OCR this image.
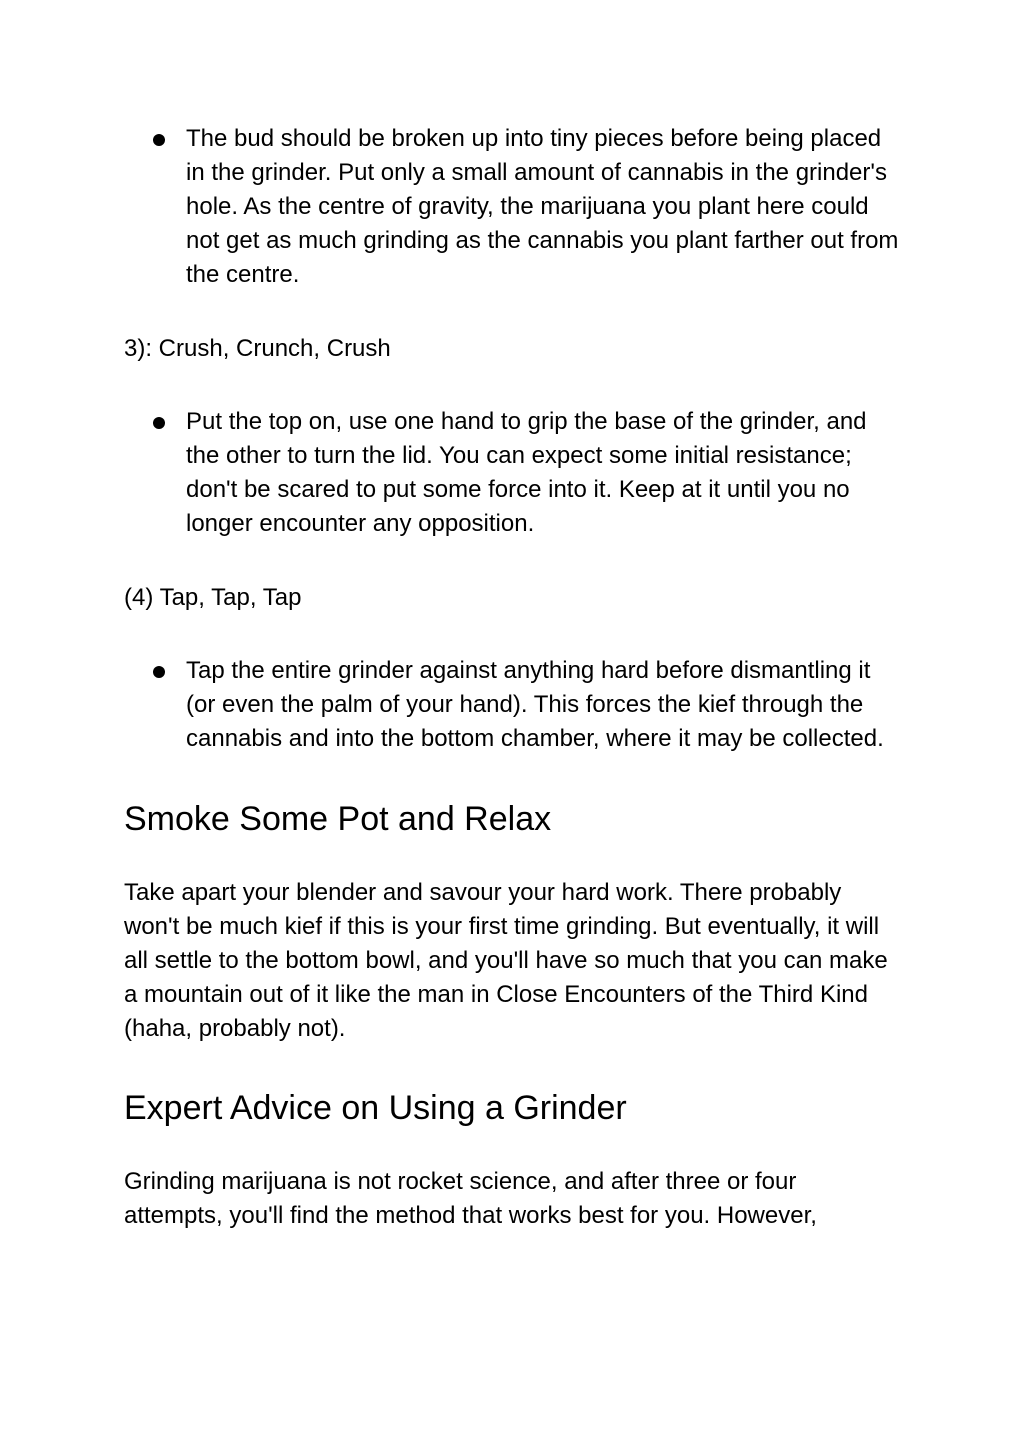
The bud should be broken up into tiny pieces before being placed in the grinder. Put only a small amount of cannabis in the grinder's hole. As the centre of gravity, the marijuana you plant here could not get as much grinding as the cannabis you plant farther out from the centre.

3): Crush, Crunch, Crush

Put the top on, use one hand to grip the base of the grinder, and the other to turn the lid. You can expect some initial resistance; don't be scared to put some force into it. Keep at it until you no longer encounter any opposition.

(4) Tap, Tap, Tap

Tap the entire grinder against anything hard before dismantling it (or even the palm of your hand). This forces the kief through the cannabis and into the bottom chamber, where it may be collected.
Smoke Some Pot and Relax

Take apart your blender and savour your hard work. There probably won't be much kief if this is your first time grinding. But eventually, it will all settle to the bottom bowl, and you'll have so much that you can make a mountain out of it like the man in Close Encounters of the Third Kind (haha, probably not).

Expert Advice on Using a Grinder

Grinding marijuana is not rocket science, and after three or four attempts, you'll find the method that works best for you. However,
